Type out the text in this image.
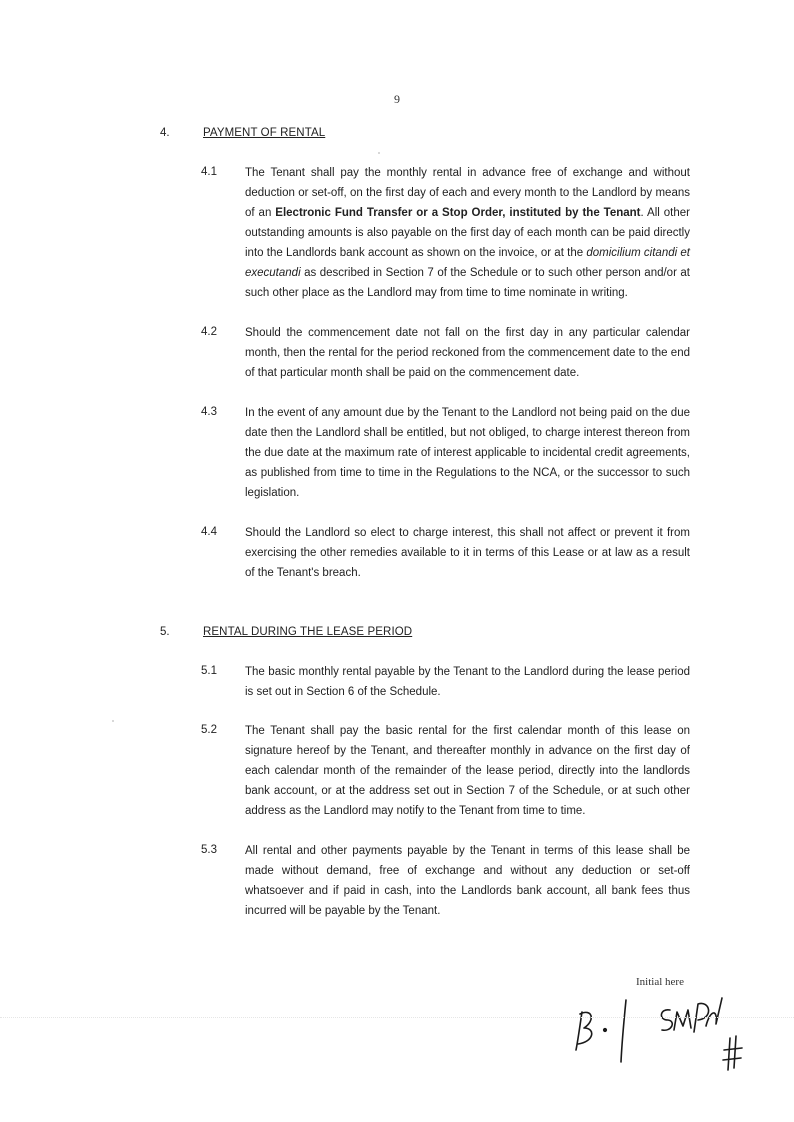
9
4.	PAYMENT OF RENTAL
4.1 The Tenant shall pay the monthly rental in advance free of exchange and without deduction or set-off, on the first day of each and every month to the Landlord by means of an Electronic Fund Transfer or a Stop Order, instituted by the Tenant. All other outstanding amounts is also payable on the first day of each month can be paid directly into the Landlords bank account as shown on the invoice, or at the domicilium citandi et executandi as described in Section 7 of the Schedule or to such other person and/or at such other place as the Landlord may from time to time nominate in writing.
4.2 Should the commencement date not fall on the first day in any particular calendar month, then the rental for the period reckoned from the commencement date to the end of that particular month shall be paid on the commencement date.
4.3 In the event of any amount due by the Tenant to the Landlord not being paid on the due date then the Landlord shall be entitled, but not obliged, to charge interest thereon from the due date at the maximum rate of interest applicable to incidental credit agreements, as published from time to time in the Regulations to the NCA, or the successor to such legislation.
4.4 Should the Landlord so elect to charge interest, this shall not affect or prevent it from exercising the other remedies available to it in terms of this Lease or at law as a result of the Tenant's breach.
5.	RENTAL DURING THE LEASE PERIOD
5.1 The basic monthly rental payable by the Tenant to the Landlord during the lease period is set out in Section 6 of the Schedule.
5.2 The Tenant shall pay the basic rental for the first calendar month of this lease on signature hereof by the Tenant, and thereafter monthly in advance on the first day of each calendar month of the remainder of the lease period, directly into the landlords bank account, or at the address set out in Section 7 of the Schedule, or at such other address as the Landlord may notify to the Tenant from time to time.
5.3 All rental and other payments payable by the Tenant in terms of this lease shall be made without demand, free of exchange and without any deduction or set-off whatsoever and if paid in cash, into the Landlords bank account, all bank fees thus incurred will be payable by the Tenant.
Initial here
